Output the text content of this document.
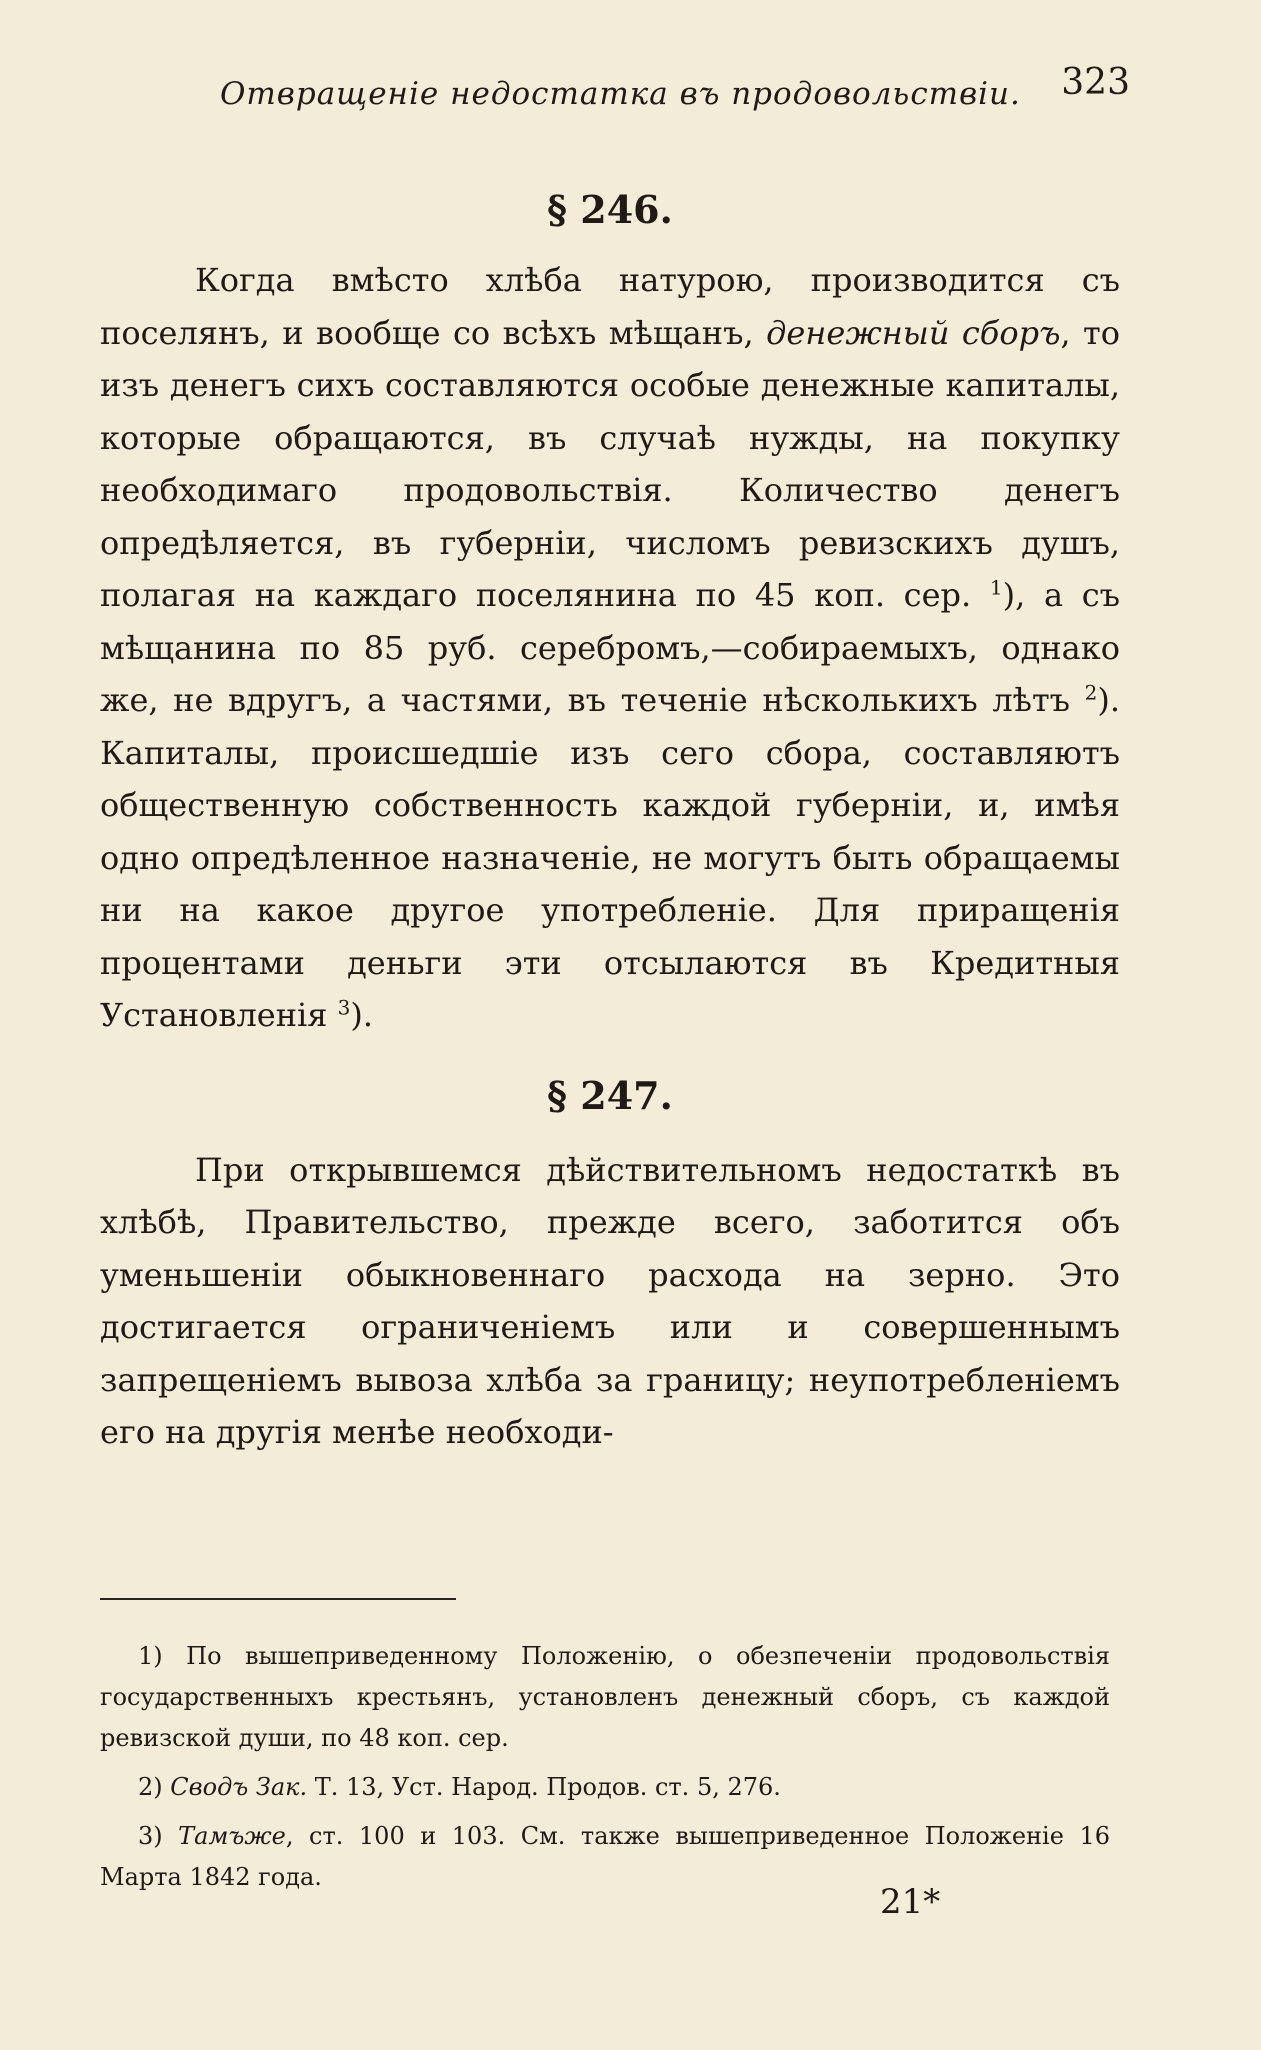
Отвращеніе недостатка въ продовольствіи. 323
§ 246.

Когда вмѣсто хлѣба натурою, производится съ поселянъ, и вообще со всѣхъ мѣщанъ, денежный сборъ, то изъ денегъ сихъ составляются особые денежные капиталы, которые обращаются, въ случаѣ нужды, на покупку необходимаго продовольствія. Количество денегъ опредѣляется, въ губерніи, числомъ ревизскихъ душъ, полагая на каждаго поселянина по 45 коп. сер. $^1$), а съ мѣщанина по 85 руб. серебромъ,—собираемыхъ, однако же, не вдругъ, а частями, въ теченіе нѣсколькихъ лѣтъ $^2$). Капиталы, происшедшіе изъ сего сбора, составляютъ общественную собственность каждой губерніи, и, имѣя одно опредѣленное назначеніе, не могутъ быть обращаемы ни на какое другое употребленіе. Для приращенія процентами деньги эти отсылаются въ Кредитныя Установленія $^3$).

§ 247.

При открывшемся дѣйствительномъ недостаткѣ въ хлѣбѣ, Правительство, прежде всего, заботится объ уменьшеніи обыкновеннаго расхода на зерно. Это достигается ограниченіемъ или и совершеннымъ запрещеніемъ вывоза хлѣба за границу; неупотребленіемъ его на другія менѣе необходи-

1) По вышеприведенному Положенію, о обезпеченіи продовольствія государственныхъ крестьянъ, установленъ денежный сборъ, съ каждой ревизской души, по 48 коп. сер.

2) Сводъ Зак. Т. 13, Уст. Народ. Продов. ст. 5, 276.

3) Тамъже, ст. 100 и 103. См. также вышеприведенное Положеніе 16 Марта 1842 года.

21*
